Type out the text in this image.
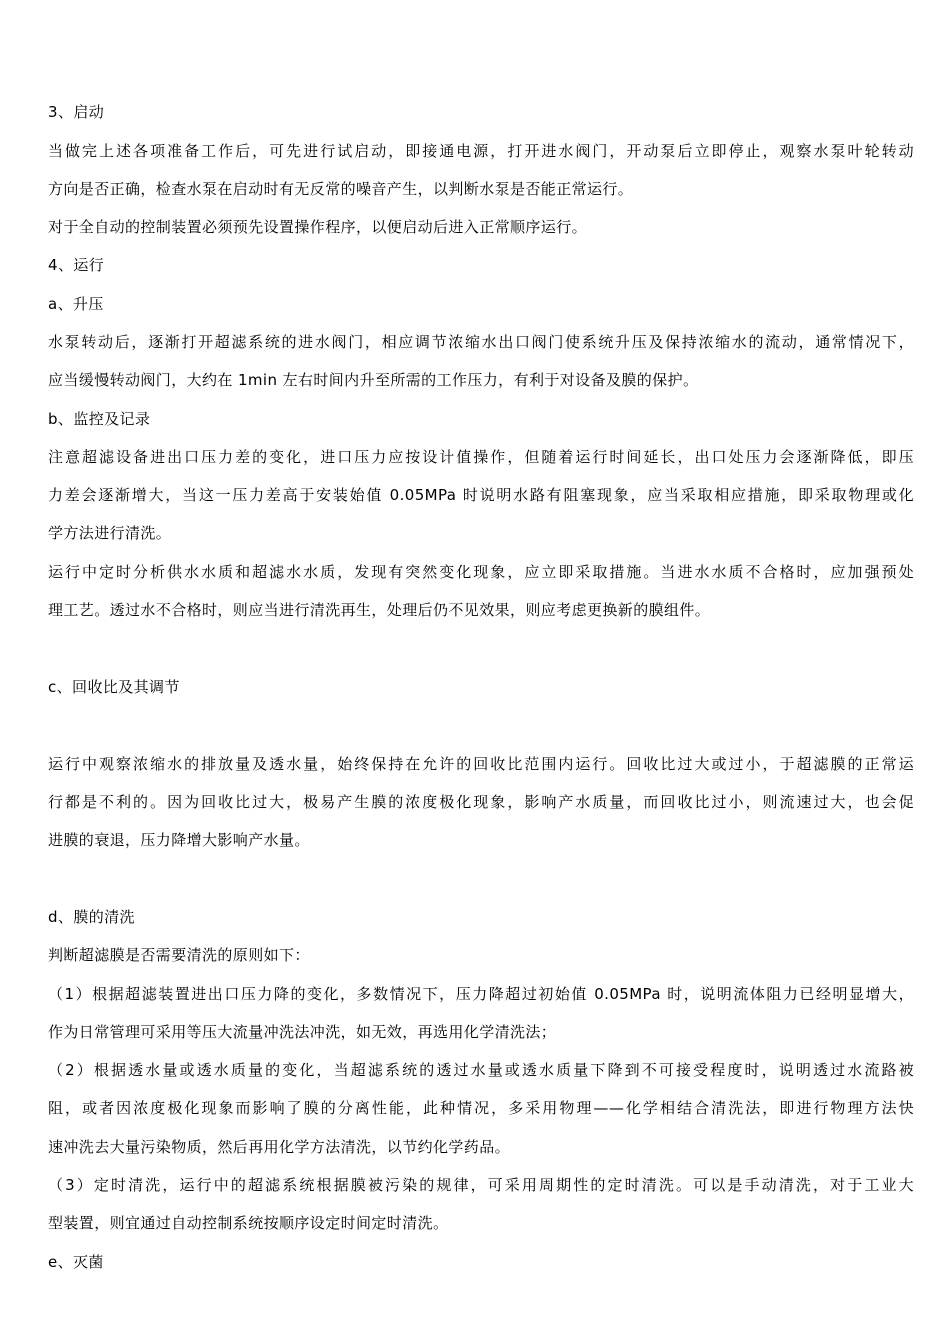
3、启动
当做完上述各项准备工作后，可先进行试启动，即接通电源，打开进水阀门，开动泵后立即停止，观察水泵叶轮转动
方向是否正确，检查水泵在启动时有无反常的噪音产生，以判断水泵是否能正常运行。
对于全自动的控制装置必须预先设置操作程序，以便启动后进入正常顺序运行。
4、运行
a、升压
水泵转动后，逐渐打开超滤系统的进水阀门，相应调节浓缩水出口阀门使系统升压及保持浓缩水的流动，通常情况下，
应当缓慢转动阀门，大约在 1min 左右时间内升至所需的工作压力，有利于对设备及膜的保护。
b、监控及记录
注意超滤设备进出口压力差的变化，进口压力应按设计值操作，但随着运行时间延长，出口处压力会逐渐降低，即压
力差会逐渐增大，当这一压力差高于安装始值 0.05MPa 时说明水路有阻塞现象，应当采取相应措施，即采取物理或化
学方法进行清洗。
运行中定时分析供水水质和超滤水水质，发现有突然变化现象，应立即采取措施。当进水水质不合格时，应加强预处
理工艺。透过水不合格时，则应当进行清洗再生，处理后仍不见效果，则应考虑更换新的膜组件。
c、回收比及其调节
运行中观察浓缩水的排放量及透水量，始终保持在允许的回收比范围内运行。回收比过大或过小，于超滤膜的正常运
行都是不利的。因为回收比过大，极易产生膜的浓度极化现象，影响产水质量，而回收比过小，则流速过大，也会促
进膜的衰退，压力降增大影响产水量。
d、膜的清洗
判断超滤膜是否需要清洗的原则如下：
（1）根据超滤装置进出口压力降的变化，多数情况下，压力降超过初始值 0.05MPa 时，说明流体阻力已经明显增大，
作为日常管理可采用等压大流量冲洗法冲洗，如无效，再选用化学清洗法；
（2）根据透水量或透水质量的变化，当超滤系统的透过水量或透水质量下降到不可接受程度时，说明透过水流路被
阻，或者因浓度极化现象而影响了膜的分离性能，此种情况，多采用物理——化学相结合清洗法，即进行物理方法快
速冲洗去大量污染物质，然后再用化学方法清洗，以节约化学药品。
（3）定时清洗，运行中的超滤系统根据膜被污染的规律，可采用周期性的定时清洗。可以是手动清洗，对于工业大
型装置，则宜通过自动控制系统按顺序设定时间定时清洗。
e、灭菌
